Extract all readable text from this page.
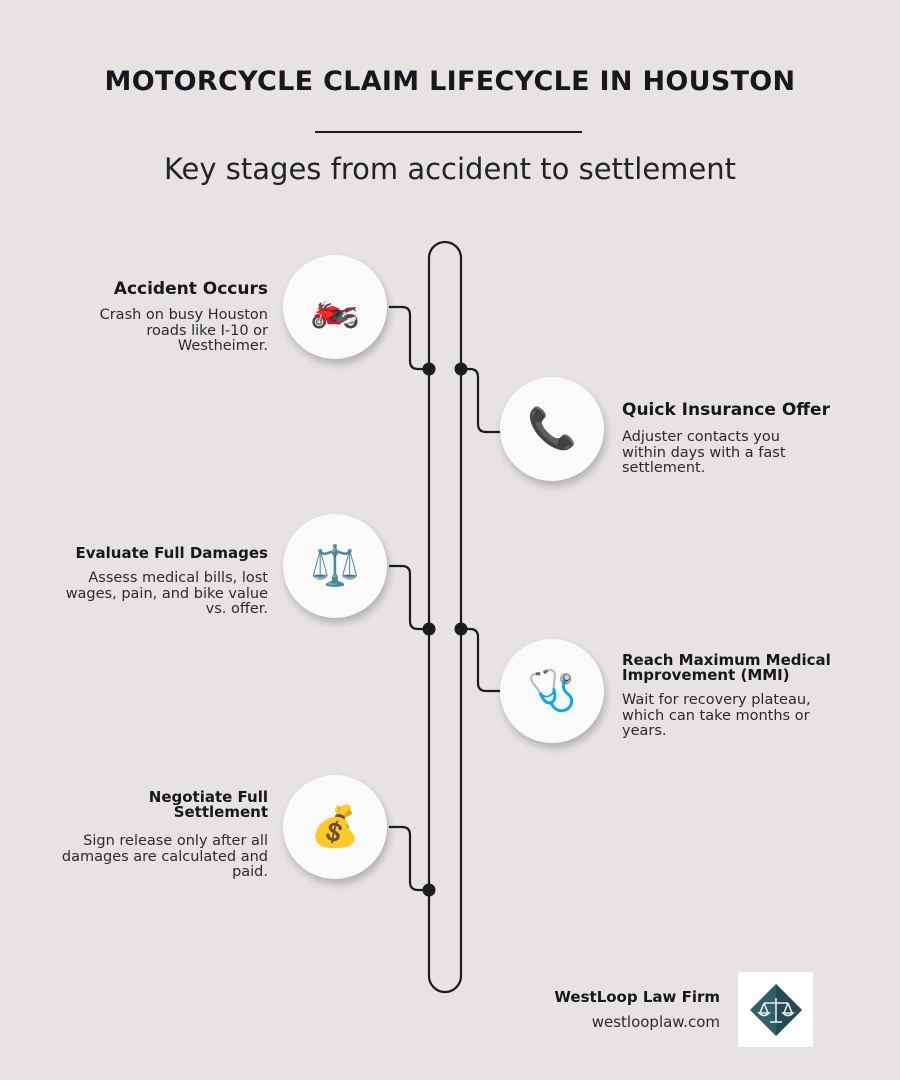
MOTORCYCLE CLAIM LIFECYCLE IN HOUSTON
Key stages from accident to settlement
🏍️
Accident Occurs
Crash on busy Houston roads like I-10 or Westheimer.
📞	Quick Insurance Offer
Adjuster contacts you within days with a fast settlement.
⚖️
Evaluate Full Damages
Assess medical bills, lost wages, pain, and bike value vs. offer.
🩺
Reach Maximum Medical Improvement (MMI)
Wait for recovery plateau, which can take months or years.
💰
Negotiate Full Settlement
Sign release only after all damages are calculated and paid.
WestLoop Law Firm
westlooplaw.com
